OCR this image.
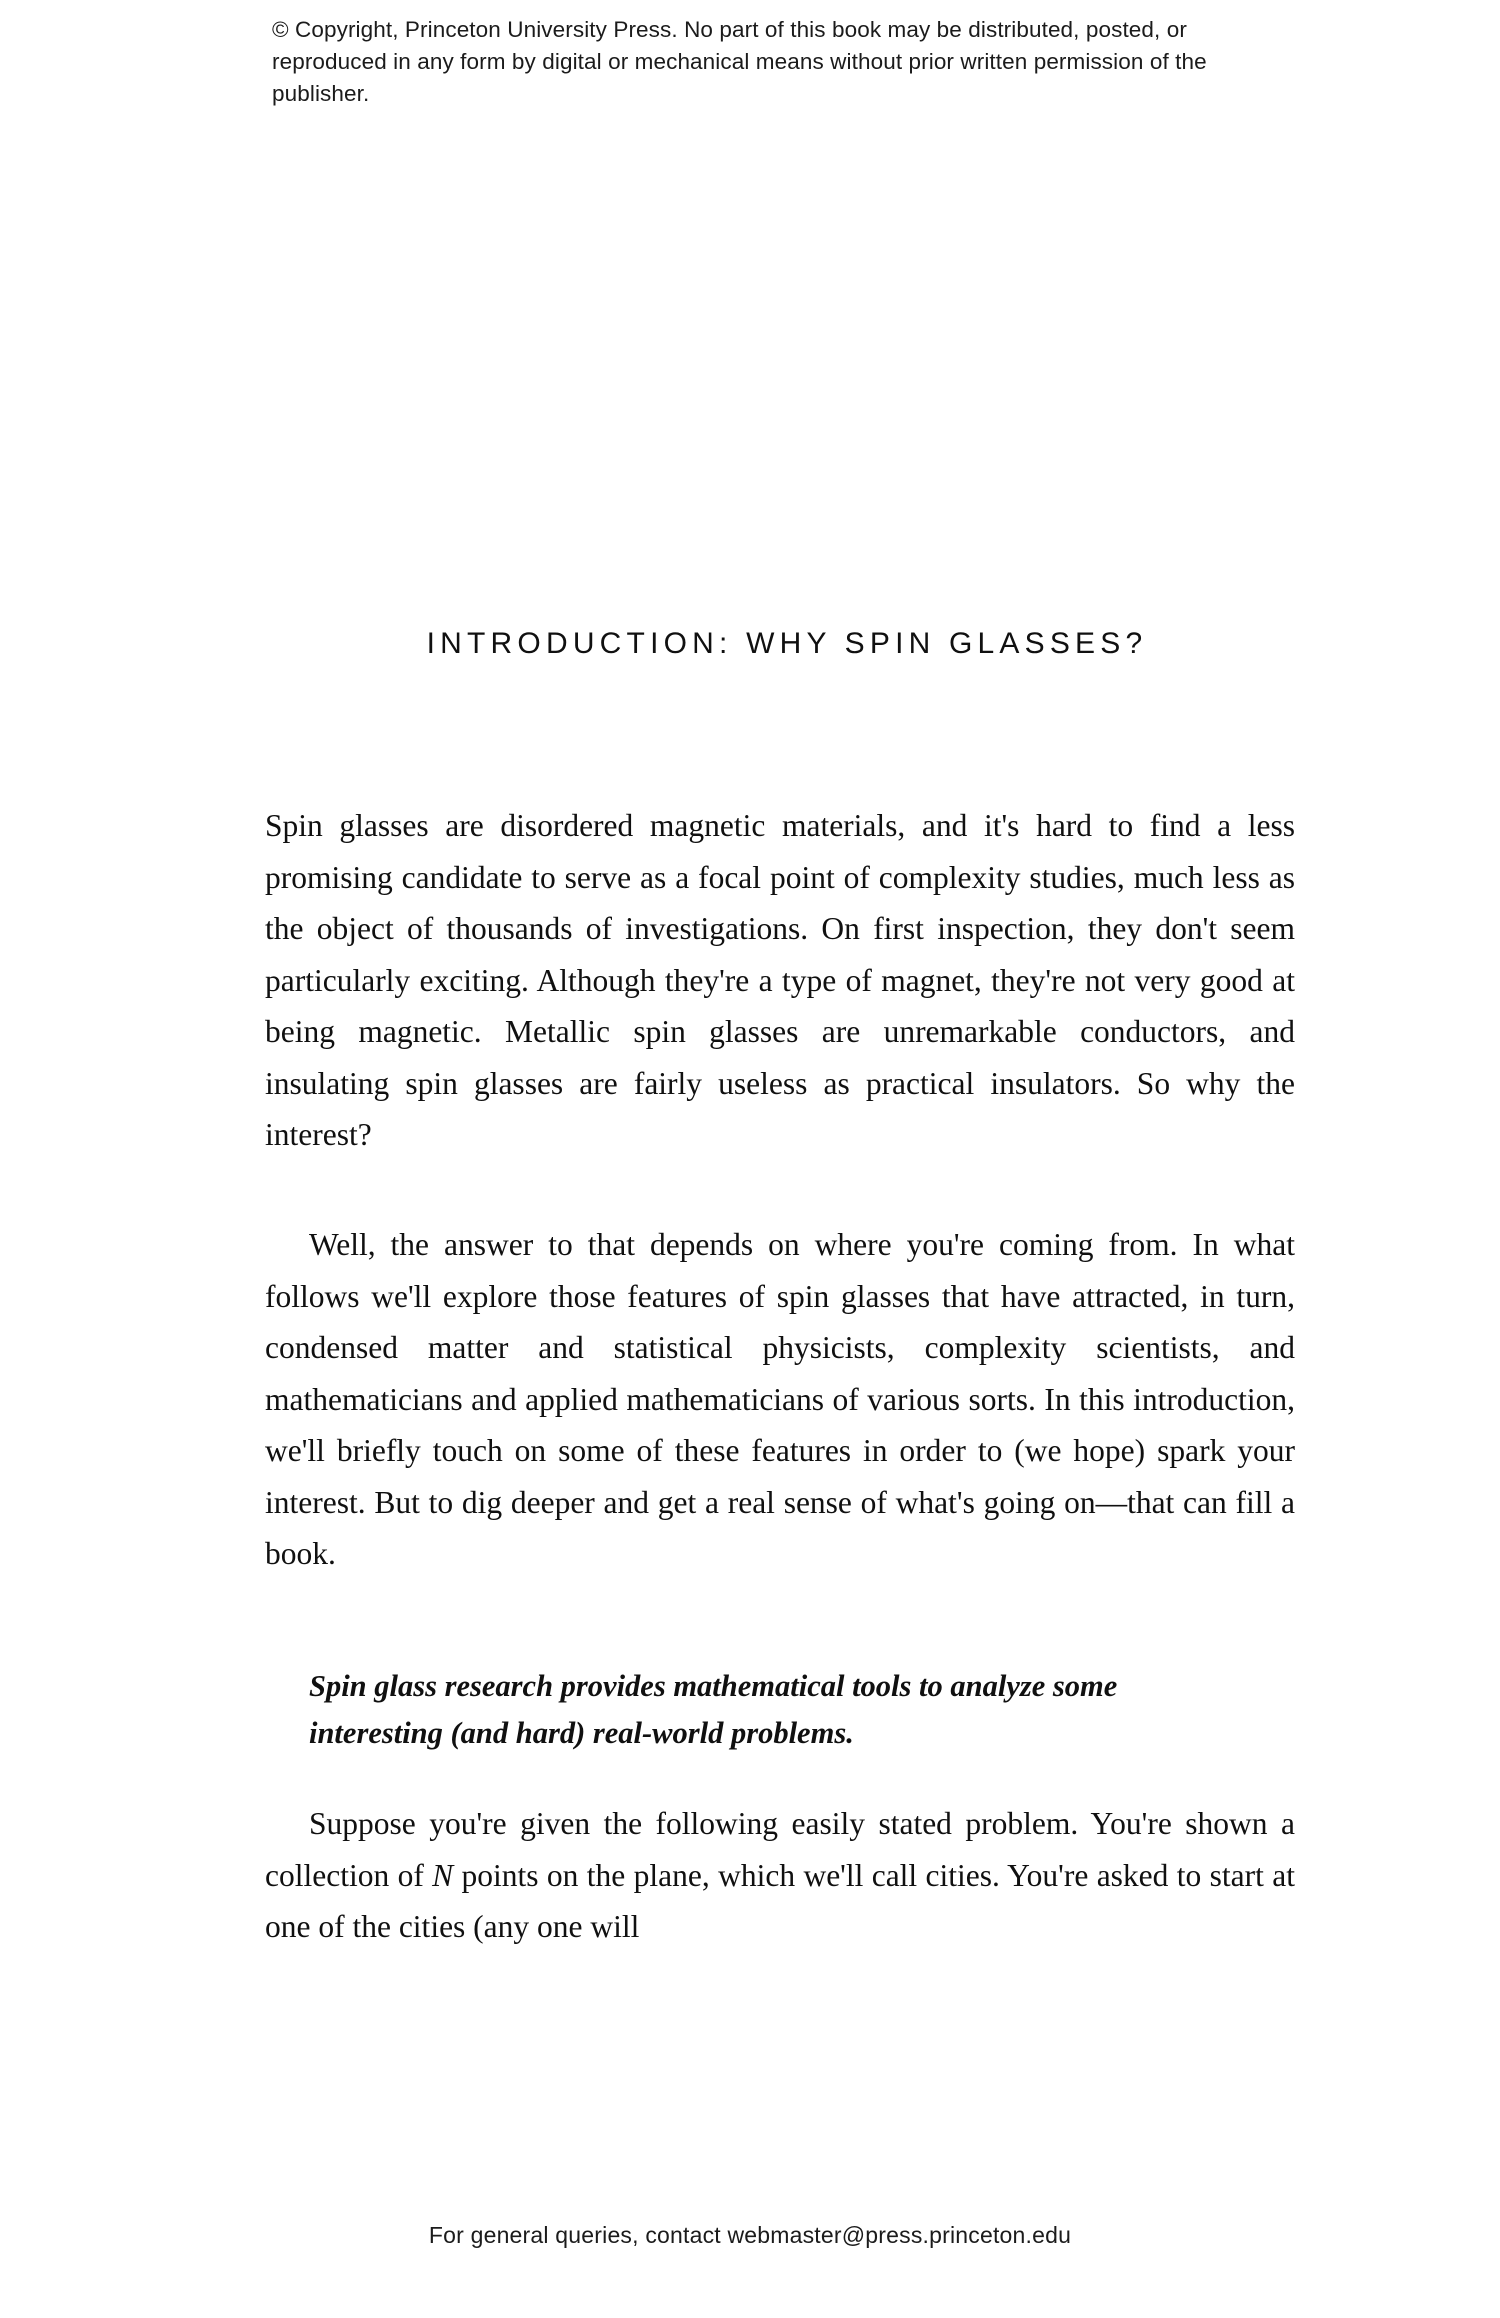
© Copyright, Princeton University Press. No part of this book may be distributed, posted, or reproduced in any form by digital or mechanical means without prior written permission of the publisher.
INTRODUCTION: WHY SPIN GLASSES?

Spin glasses are disordered magnetic materials, and it's hard to find a less promising candidate to serve as a focal point of complexity studies, much less as the object of thousands of investigations. On first inspection, they don't seem particularly exciting. Although they're a type of magnet, they're not very good at being magnetic. Metallic spin glasses are unremarkable conductors, and insulating spin glasses are fairly useless as practical insulators. So why the interest?

Well, the answer to that depends on where you're coming from. In what follows we'll explore those features of spin glasses that have attracted, in turn, condensed matter and statistical physicists, complexity scientists, and mathematicians and applied mathematicians of various sorts. In this introduction, we'll briefly touch on some of these features in order to (we hope) spark your interest. But to dig deeper and get a real sense of what's going on—that can fill a book.

Spin glass research provides mathematical tools to analyze some interesting (and hard) real-world problems.

Suppose you're given the following easily stated problem. You're shown a collection of N points on the plane, which we'll call cities. You're asked to start at one of the cities (any one will

For general queries, contact webmaster@press.princeton.edu
